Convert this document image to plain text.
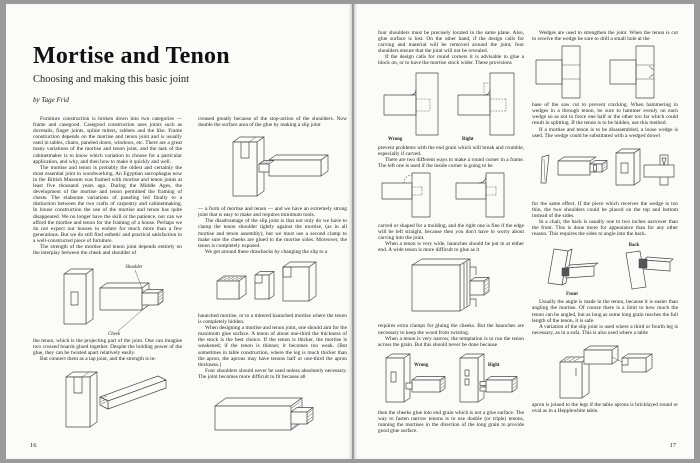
Mortise and Tenon
Choosing and making this basic joint
by Tage Frid

Furniture construction is broken down into two categories — frame and casegood. Casegood construction uses joints such as dovetails, finger joints, spline miters, rabbets and the like. Frame construction depends on the mortise and tenon joint and is usually used in tables, chairs, paneled doors, windows, etc. There are a great many variations of the mortise and tenon joint, and the task of the cabinetmaker is to know which variation to choose for a particular application, and why, and then how to make it quickly and well.

The mortise and tenon is probably the oldest and certainly the most essential joint in woodworking. An Egyptian sarcophagus now in the British Museum was framed with mortise and tenon joints at least five thousand years ago. During the Middle Ages, the development of the mortise and tenon permitted the framing of chests. The elaborate variations of paneling led finally to a distinction between the two crafts of carpentry and cabinetmaking. In house construction the use of the mortise and tenon has quite disappeared. We no longer have the skill or the patience, nor can we afford the mortise and tenon for the framing of a house. Perhaps we do not expect our houses to endure for much more than a few generations. But we do still find esthetic and practical satisfaction in a well-constructed piece of furniture.

The strength of the mortise and tenon joint depends entirely on the interplay between the cheek and shoulder of

Shoulder
Cheek

the tenon, which is the projecting part of the joint. One can imagine two crossed boards glued together. Despite the holding power of the glue, they can be twisted apart relatively easily.

But connect them as a lap joint, and the strength is in-

creased greatly because of the stop-action of the shoulders. Now double the surface area of the glue by making a slip joint

— a form of mortise and tenon — and we have an extremely strong joint that is easy to make and requires minimum tools.

The disadvantage of the slip joint is that not only do we have to clamp the tenon shoulder tightly against the mortise, (as in all mortise and tenon assembly), but we must use a second clamp to make sure the cheeks are glued to the mortise sides. Moreover, the tenon is completely exposed.

We get around these drawbacks by changing the slip to a

haunched mortise, or to a mitered haunched mortise where the tenon is completely hidden.

When designing a mortise and tenon joint, one should aim for the maximum glue surface. A tenon of about one-third the thickness of the stock is the best choice. If the tenon is thicker, the mortise is weakened; if the tenon is thinner, it becomes too weak. (But sometimes in table construction, where the leg is much thicker than the apron, the aprons may have tenons half or one-third the apron thickness.)

Four shoulders should never be used unless absolutely necessary. The joint becomes more difficult to fit because all

16

four shoulders must be precisely located in the same plane. Also, glue surface is lost. On the other hand, if the design calls for carving and material will be removed around the joint, four shoulders ensure that the joint will not be revealed.

If the design calls for round corners it is advisable to glue a block on, or to have the mortise stock wider. These provisions

Wrong	Right

prevent problems with the end grain which will break and crumble, especially if carved.

There are two different ways to make a round corner in a frame. The left one is used if the inside corner is going to be

carved or shaped for a molding, and the right one is fine if the edge will be left straight, because then you don't have to worry about carving into the joint.

When a tenon is very wide, haunches should be put in at either end. A wide tenon is more difficult to glue as it

requires extra clamps for gluing the cheeks. But the haunches are necessary to keep the wood from twisting.

When a tenon is very narrow, the temptation is to run the tenon across the grain. But this should never be done because

Wrong	Right

then the cheeks glue into end grain which is not a glue surface. The way to fasten narrow tenons is to use double (or triple) tenons, running the mortises in the direction of the long grain to provide good glue surface.

Wedges are used to strengthen the joint. When the tenon is cut to receive the wedge be sure to drill a small hole at the

base of the saw cut to prevent cracking. When hammering in wedges in a through tenon, be sure to hammer evenly on each wedge so as not to force one half or the other too far which could result in splitting. If the tenon is to be hidden, use this method.

If a mortise and tenon is to be disassembled, a loose wedge is used. The wedge could be substituted with a wedged dowel

for the same effect. If the piece which receives the wedge is too thin, the two shoulders could be placed on the top and bottom instead of the sides.

In a chair, the back is usually one to two inches narrower than the front. This is done more for appearance than for any other reason. This requires the sides to angle into the back.

Back
Front

Usually the angle is made in the tenon, because it is easier than angling the mortise. Of course there is a limit to how much the tenon can be angled, but as long as some long grain reaches the full length of the tenon, it is safe.

A variation of the slip joint is used where a third or fourth leg is necessary, as in a sofa. This is also used where a table

apron is joined to the legs if the table aprons is bricklayed round or oval as in a Hepplewhite table.

17
